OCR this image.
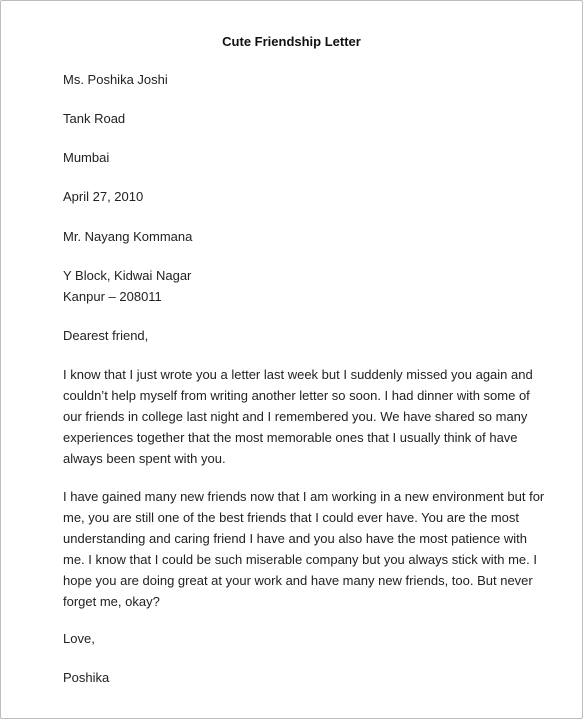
Cute Friendship Letter
Ms. Poshika Joshi
Tank Road
Mumbai
April 27, 2010
Mr. Nayang Kommana
Y Block, Kidwai Nagar
Kanpur – 208011
Dearest friend,
I know that I just wrote you a letter last week but I suddenly missed you again and
couldn’t help myself from writing another letter so soon. I had dinner with some of
our friends in college last night and I remembered you. We have shared so many
experiences together that the most memorable ones that I usually think of have
always been spent with you.
I have gained many new friends now that I am working in a new environment but for
me, you are still one of the best friends that I could ever have. You are the most
understanding and caring friend I have and you also have the most patience with
me. I know that I could be such miserable company but you always stick with me. I
hope you are doing great at your work and have many new friends, too. But never
forget me, okay?
Love,
Poshika
